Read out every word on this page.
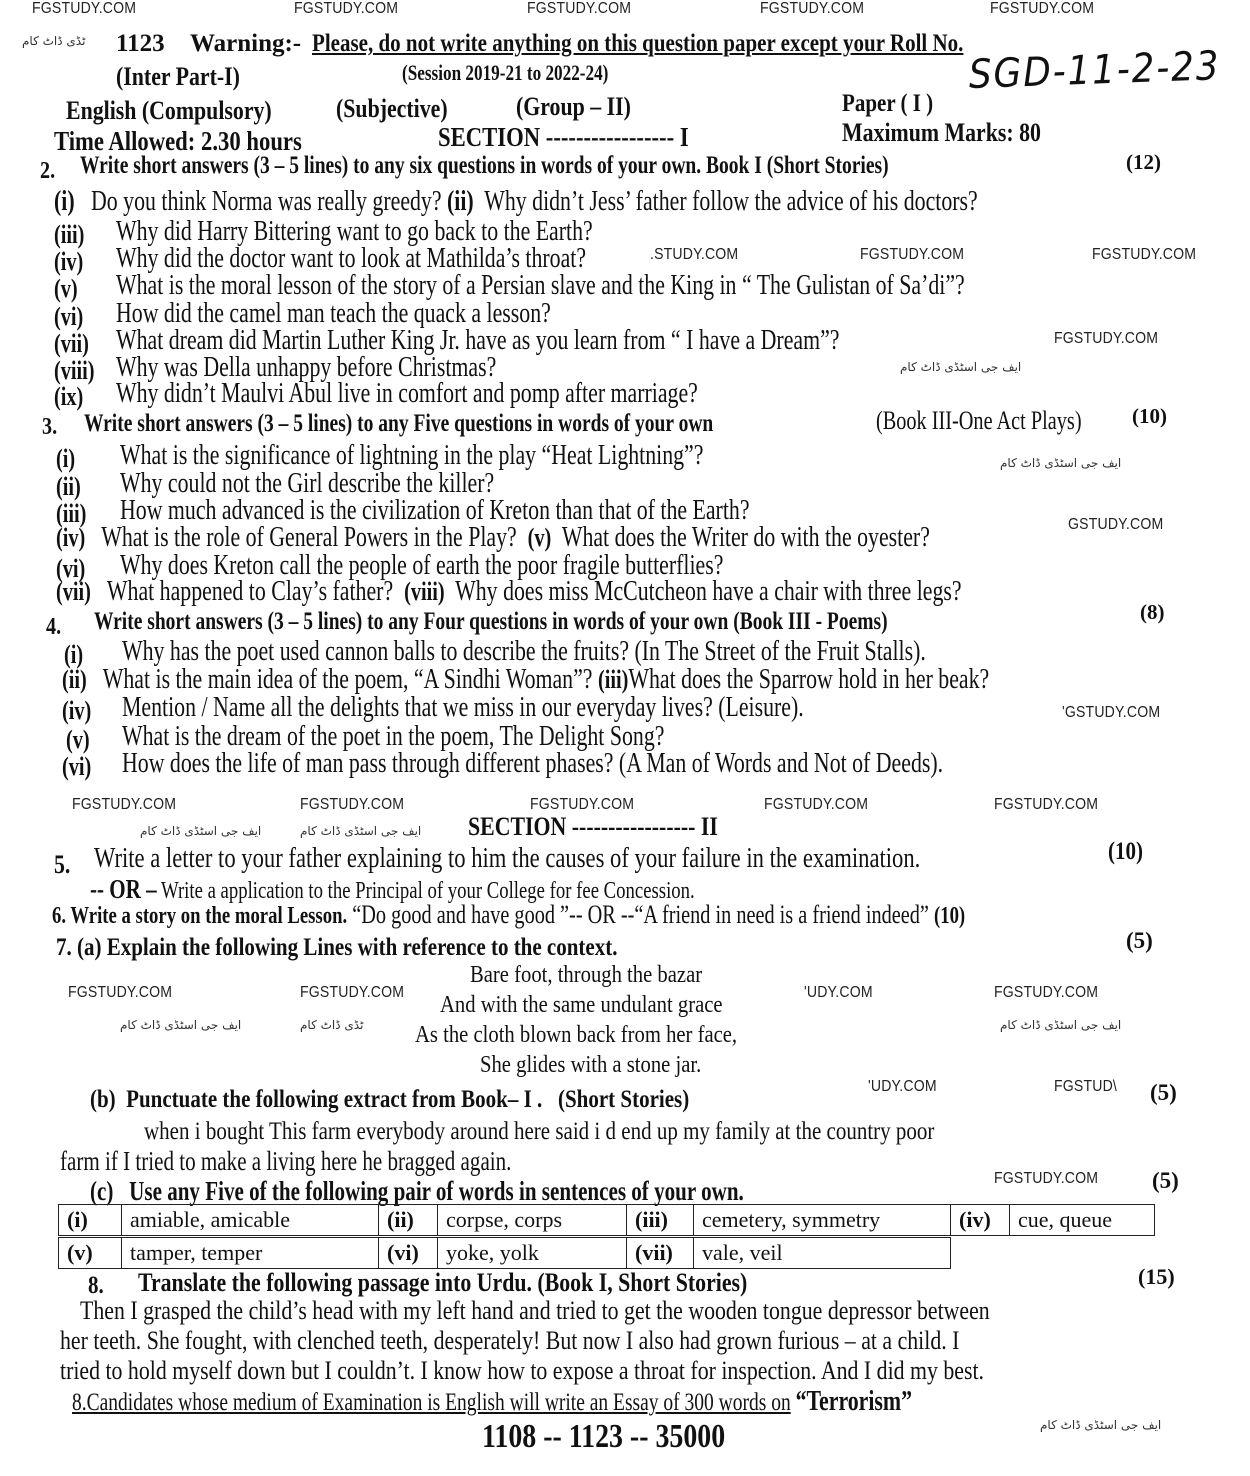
FGSTUDY.COM	FGSTUDY.COM	FGSTUDY.COM	FGSTUDY.COM	FGSTUDY.COM
ٹڈی ڈاٹ کام 1123 Warning:- Please, do not write anything on this question paper except your Roll No.
(Inter Part-I)	(Session 2019-21 to 2022-24)	SGD-11-2-23
English (Compulsory) (Subjective)	(Group – II)	Paper ( I )
Time Allowed: 2.30 hours	SECTION ----------------- I	Maximum Marks: 80
2. Write short answers (3 – 5 lines) to any six questions in words of your own. Book I (Short Stories)	(12)
(i) Do you think Norma was really greedy? (ii) Why didn’t Jess’ father follow the advice of his doctors?
(iii) Why did Harry Bittering want to go back to the Earth?
(iv) Why did the doctor want to look at Mathilda’s throat?	.STUDY.COM	FGSTUDY.COM	FGSTUDY.COM
(v) What is the moral lesson of the story of a Persian slave and the King in “ The Gulistan of Sa’di”?
(vi) How did the camel man teach the quack a lesson?
(vii) What dream did Martin Luther King Jr. have as you learn from “ I have a Dream”?	FGSTUDY.COM
(viii) Why was Della unhappy before Christmas?	ایف جی اسٹڈی ڈاٹ کام
(ix) Why didn’t Maulvi Abul live in comfort and pomp after marriage?
3. Write short answers (3 – 5 lines) to any Five questions in words of your own	(Book III-One Act Plays) (10)
(i) What is the significance of lightning in the play “Heat Lightning”?	ایف جی اسٹڈی ڈاٹ کام
(ii) Why could not the Girl describe the killer?
(iii) How much advanced is the civilization of Kreton than that of the Earth?
(iv) What is the role of General Powers in the Play? (v) What does the Writer do with the oyester?	GSTUDY.COM
(vi) Why does Kreton call the people of earth the poor fragile butterflies?
(vii) What happened to Clay’s father? (viii) Why does miss McCutcheon have a chair with three legs?
4. Write short answers (3 – 5 lines) to any Four questions in words of your own (Book III - Poems)	(8)
(i) Why has the poet used cannon balls to describe the fruits? (In The Street of the Fruit Stalls).
(ii) What is the main idea of the poem, “A Sindhi Woman”? (iii)What does the Sparrow hold in her beak?
(iv) Mention / Name all the delights that we miss in our everyday lives? (Leisure).	'GSTUDY.COM
(v) What is the dream of the poet in the poem, The Delight Song?
(vi) How does the life of man pass through different phases? (A Man of Words and Not of Deeds).
FGSTUDY.COM	FGSTUDY.COM	FGSTUDY.COM	FGSTUDY.COM	FGSTUDY.COM
ایف جی اسٹڈی ڈاٹ کام	ایف جی اسٹڈی ڈاٹ کام SECTION ----------------- II
5. Write a letter to your father explaining to him the causes of your failure in the examination.	(10)
-- OR – Write a application to the Principal of your College for fee Concession.
6. Write a story on the moral Lesson. “Do good and have good ”-- OR --“A friend in need is a friend indeed” (10)
7. (a) Explain the following Lines with reference to the context.	(5)
Bare foot, through the bazar
And with the same undulant grace
As the cloth blown back from her face,
She glides with a stone jar.
FGSTUDY.COM	FGSTUDY.COM	'UDY.COM	FGSTUDY.COM
ایف جی اسٹڈی ڈاٹ کام	ٹڈی ڈاٹ کام	ایف جی اسٹڈی ڈاٹ کام
'UDY.COM	FGSTUD\ (5)
(b) Punctuate the following extract from Book– I . (Short Stories)
when i bought This farm everybody around here said i d end up my family at the country poor
farm if I tried to make a living here he bragged again.
FGSTUDY.COM (5)
(c) Use any Five of the following pair of words in sentences of your own.
(i)	amiable, amicable	(ii)	corpse, corps	(iii)	cemetery, symmetry	(iv)	cue, queue
(v)	tamper, temper	(vi)	yoke, yolk	(vii)	vale, veil
8. Translate the following passage into Urdu. (Book I, Short Stories)	(15)
Then I grasped the child’s head with my left hand and tried to get the wooden tongue depressor between
her teeth. She fought, with clenched teeth, desperately! But now I also had grown furious – at a child. I
tried to hold myself down but I couldn’t. I know how to expose a throat for inspection. And I did my best.
8.Candidates whose medium of Examination is English will write an Essay of 300 words on “Terrorism”
1108 -- 1123 -- 35000	ایف جی اسٹڈی ڈاٹ کام
